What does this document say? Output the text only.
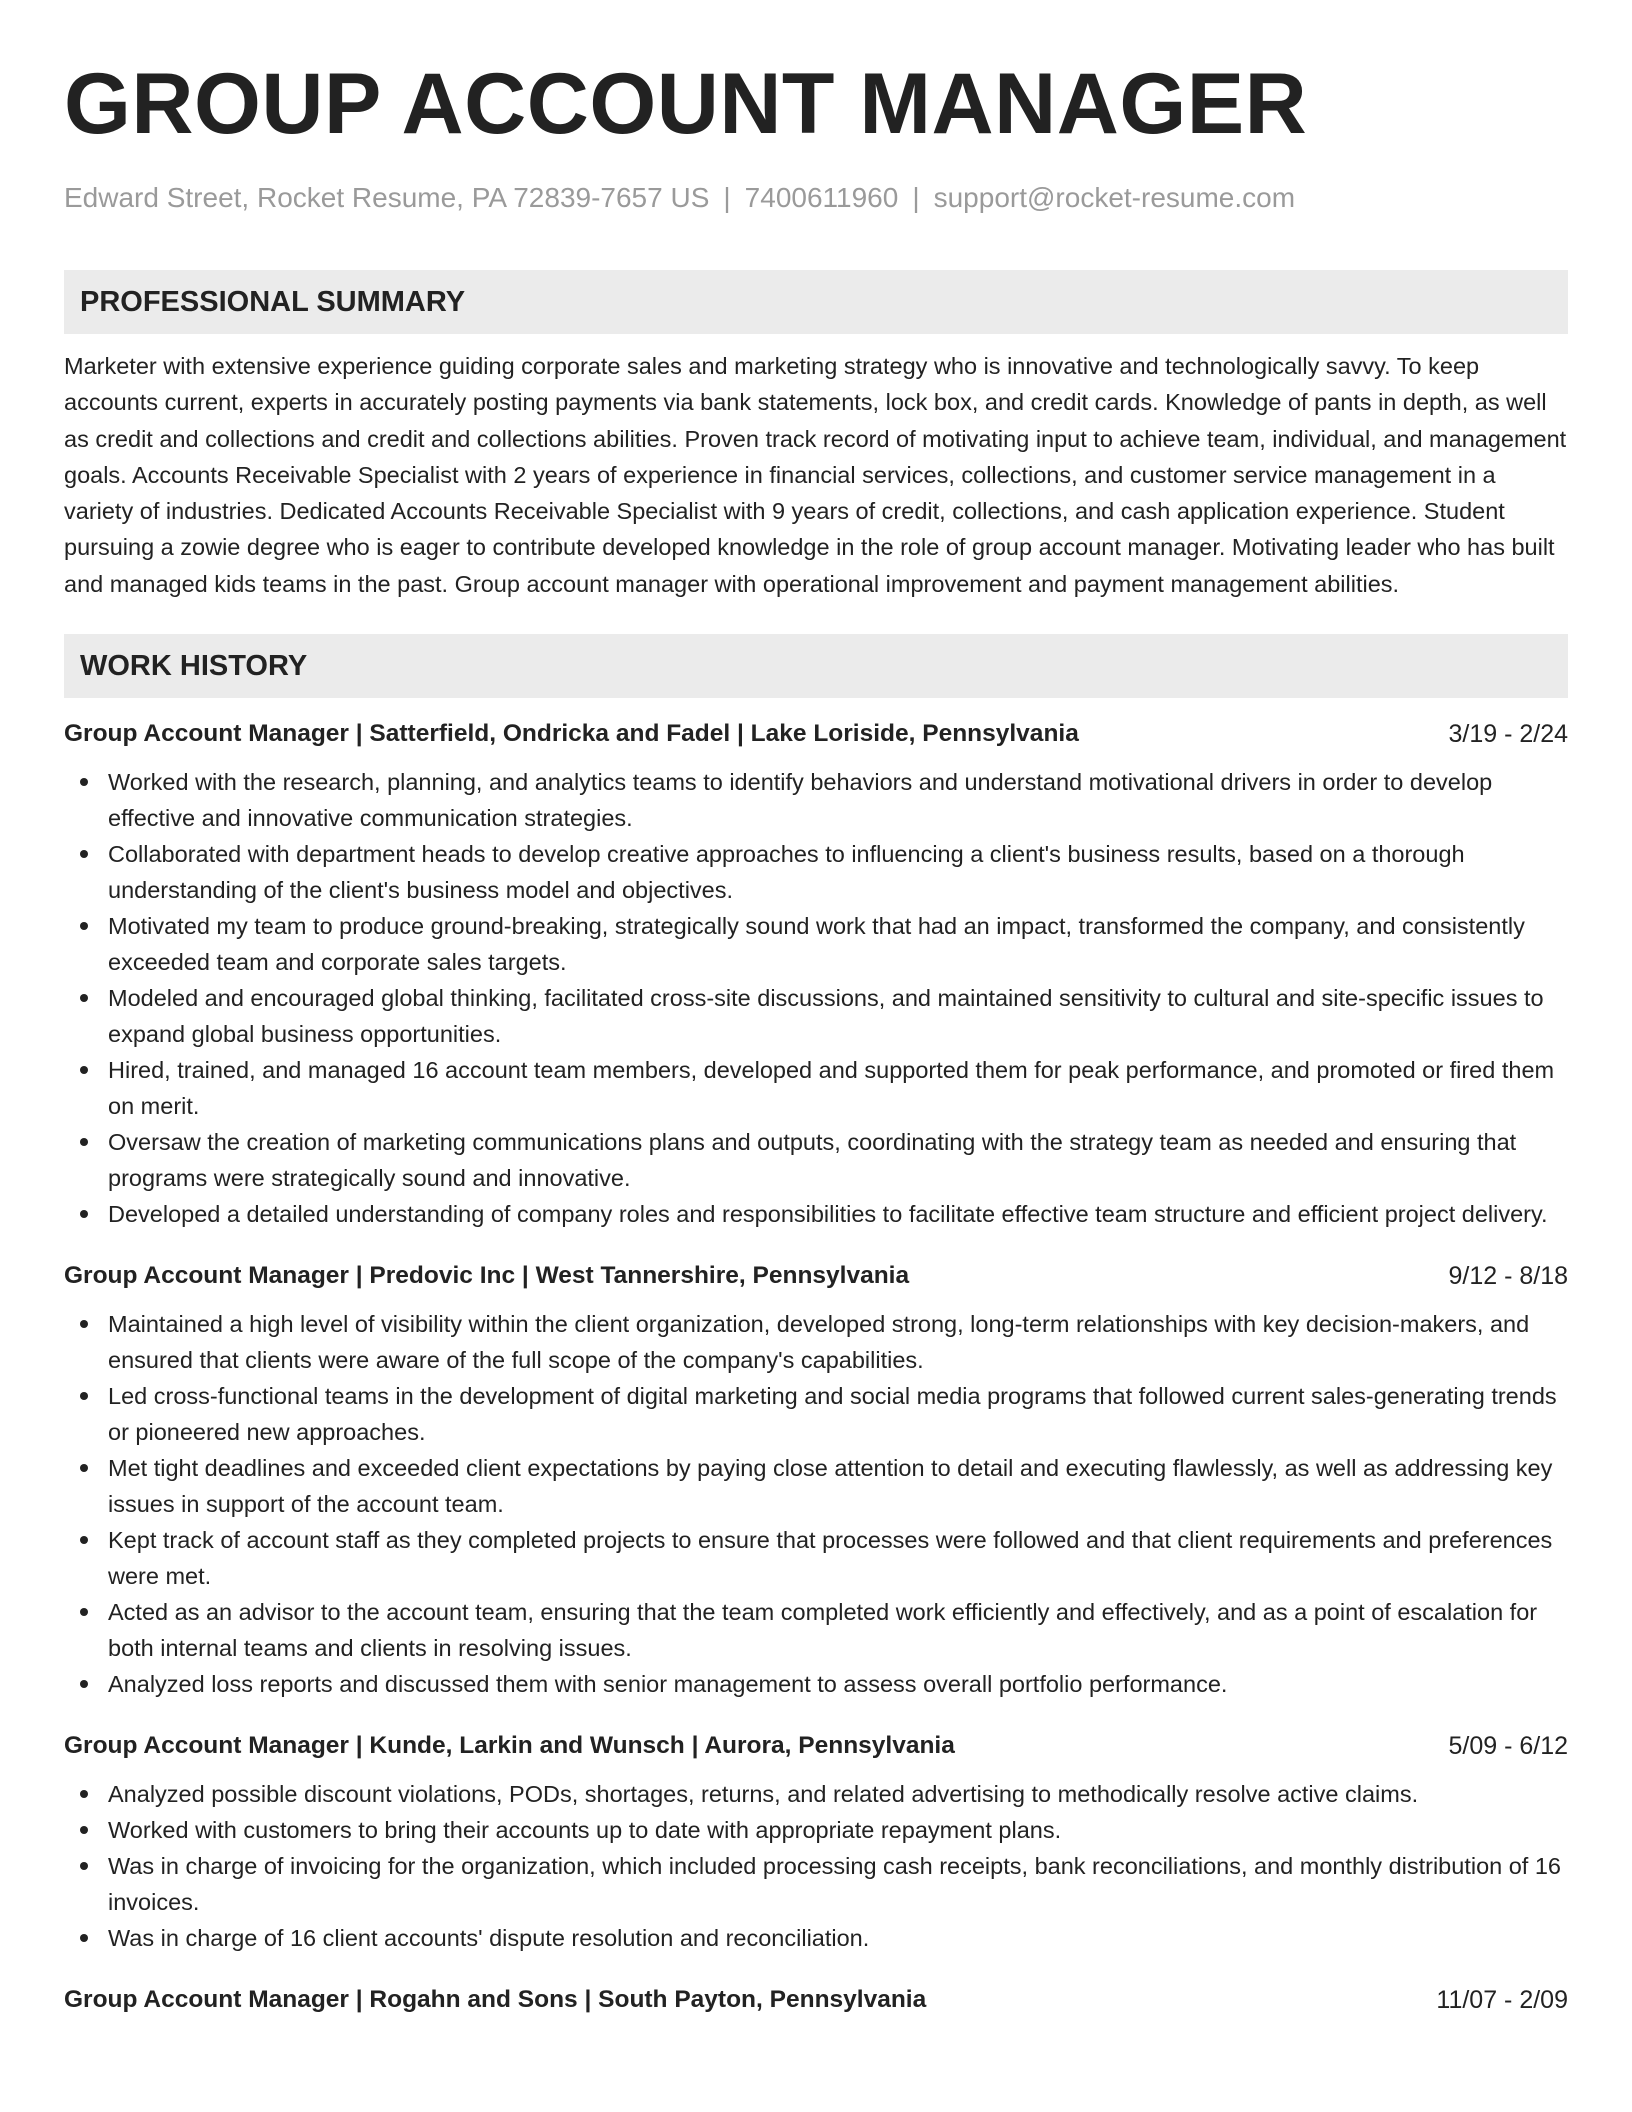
GROUP ACCOUNT MANAGER
Edward Street, Rocket Resume, PA 72839-7657 US | 7400611960 | support@rocket-resume.com
PROFESSIONAL SUMMARY
Marketer with extensive experience guiding corporate sales and marketing strategy who is innovative and technologically savvy. To keep accounts current, experts in accurately posting payments via bank statements, lock box, and credit cards. Knowledge of pants in depth, as well as credit and collections and credit and collections abilities. Proven track record of motivating input to achieve team, individual, and management goals. Accounts Receivable Specialist with 2 years of experience in financial services, collections, and customer service management in a variety of industries. Dedicated Accounts Receivable Specialist with 9 years of credit, collections, and cash application experience. Student pursuing a zowie degree who is eager to contribute developed knowledge in the role of group account manager. Motivating leader who has built and managed kids teams in the past. Group account manager with operational improvement and payment management abilities.
WORK HISTORY
Group Account Manager | Satterfield, Ondricka and Fadel | Lake Loriside, Pennsylvania	3/19 - 2/24
Worked with the research, planning, and analytics teams to identify behaviors and understand motivational drivers in order to develop effective and innovative communication strategies.
Collaborated with department heads to develop creative approaches to influencing a client's business results, based on a thorough understanding of the client's business model and objectives.
Motivated my team to produce ground-breaking, strategically sound work that had an impact, transformed the company, and consistently exceeded team and corporate sales targets.
Modeled and encouraged global thinking, facilitated cross-site discussions, and maintained sensitivity to cultural and site-specific issues to expand global business opportunities.
Hired, trained, and managed 16 account team members, developed and supported them for peak performance, and promoted or fired them on merit.
Oversaw the creation of marketing communications plans and outputs, coordinating with the strategy team as needed and ensuring that programs were strategically sound and innovative.
Developed a detailed understanding of company roles and responsibilities to facilitate effective team structure and efficient project delivery.
Group Account Manager | Predovic Inc | West Tannershire, Pennsylvania	9/12 - 8/18
Maintained a high level of visibility within the client organization, developed strong, long-term relationships with key decision-makers, and ensured that clients were aware of the full scope of the company's capabilities.
Led cross-functional teams in the development of digital marketing and social media programs that followed current sales-generating trends or pioneered new approaches.
Met tight deadlines and exceeded client expectations by paying close attention to detail and executing flawlessly, as well as addressing key issues in support of the account team.
Kept track of account staff as they completed projects to ensure that processes were followed and that client requirements and preferences were met.
Acted as an advisor to the account team, ensuring that the team completed work efficiently and effectively, and as a point of escalation for both internal teams and clients in resolving issues.
Analyzed loss reports and discussed them with senior management to assess overall portfolio performance.
Group Account Manager | Kunde, Larkin and Wunsch | Aurora, Pennsylvania	5/09 - 6/12
Analyzed possible discount violations, PODs, shortages, returns, and related advertising to methodically resolve active claims.
Worked with customers to bring their accounts up to date with appropriate repayment plans.
Was in charge of invoicing for the organization, which included processing cash receipts, bank reconciliations, and monthly distribution of 16 invoices.
Was in charge of 16 client accounts' dispute resolution and reconciliation.
Group Account Manager | Rogahn and Sons | South Payton, Pennsylvania	11/07 - 2/09
